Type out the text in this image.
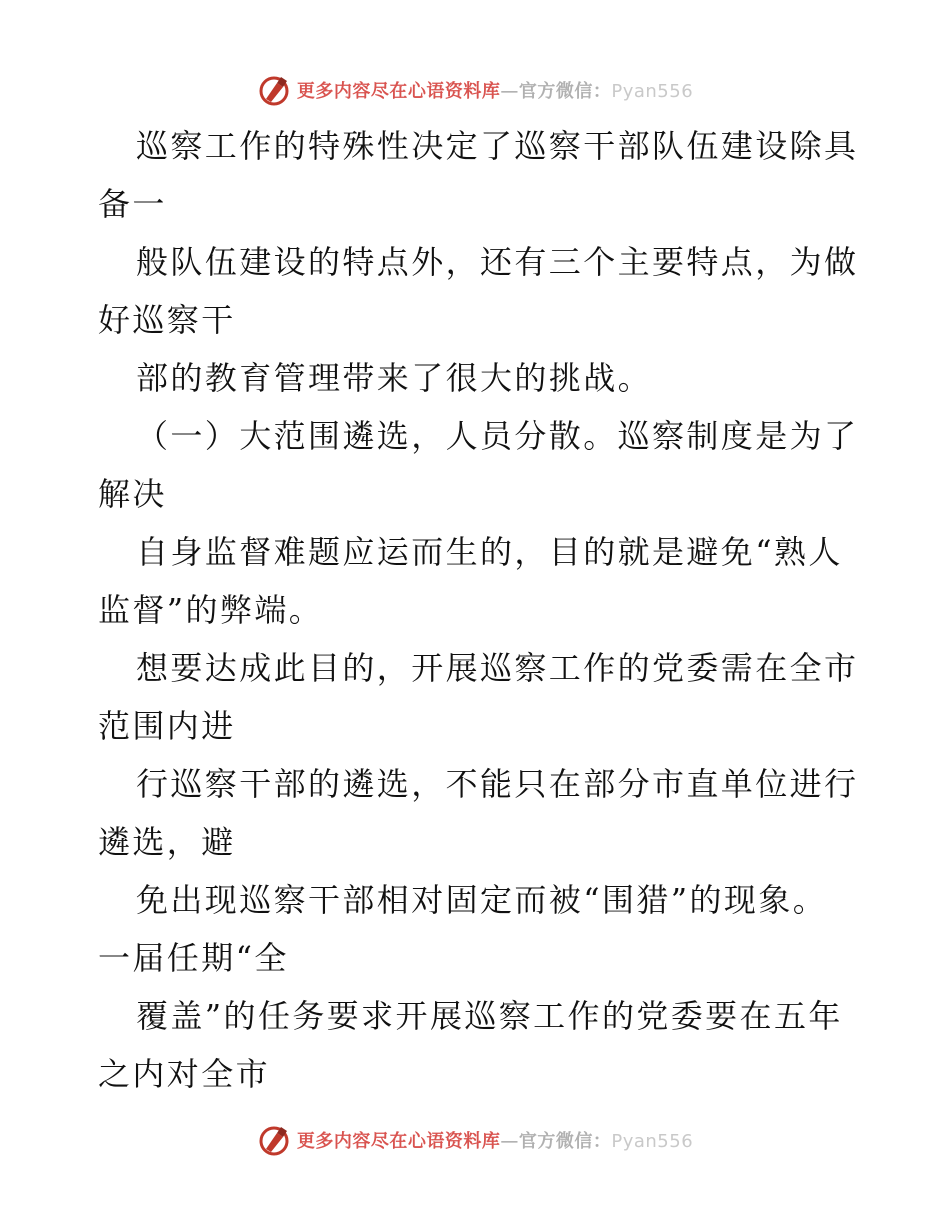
更多内容尽在心语资料库—官方微信：Pyan556
巡察工作的特殊性决定了巡察干部队伍建设除具
备一
般队伍建设的特点外，还有三个主要特点，为做
好巡察干
部的教育管理带来了很大的挑战。
（一）大范围遴选，人员分散。巡察制度是为了
解决
自身监督难题应运而生的，目的就是避免“熟人
监督”的弊端。
想要达成此目的，开展巡察工作的党委需在全市
范围内进
行巡察干部的遴选，不能只在部分市直单位进行
遴选，避
免出现巡察干部相对固定而被“围猎”的现象。
一届任期“全
覆盖”的任务要求开展巡察工作的党委要在五年
之内对全市
更多内容尽在心语资料库—官方微信：Pyan556
